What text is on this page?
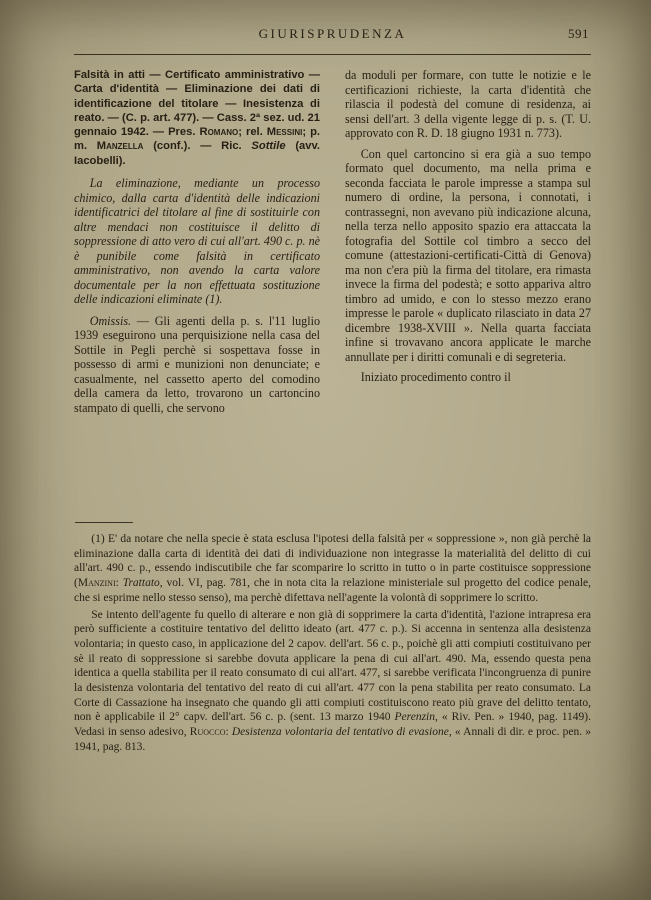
GIURISPRUDENZA	591

Falsità in atti — Certificato amministrativo — Carta d'identità — Eliminazione dei dati di identificazione del titolare — Inesistenza di reato. — (C. p. art. 477). — Cass. 2ª sez. ud. 21 gennaio 1942. — Pres. Romano; rel. Messini; p. m. Manzella (conf.). — Ric. Sottile (avv. Iacobelli).

La eliminazione, mediante un processo chimico, dalla carta d'identità delle indicazioni identificatrici del titolare al fine di sostituirle con altre mendaci non costituisce il delitto di soppressione di atto vero di cui all'art. 490 c. p. nè è punibile come falsità in certificato amministrativo, non avendo la carta valore documentale per la non effettuata sostituzione delle indicazioni eliminate (1).

Omissis. — Gli agenti della p. s. l'11 luglio 1939 eseguirono una perquisizione nella casa del Sottile in Pegli perchè si sospettava fosse in possesso di armi e munizioni non denunciate; e casualmente, nel cassetto aperto del comodino della camera da letto, trovarono un cartoncino stampato di quelli, che servono

da moduli per formare, con tutte le notizie e le certificazioni richieste, la carta d'identità che rilascia il podestà del comune di residenza, ai sensi dell'art. 3 della vigente legge di p. s. (T. U. approvato con R. D. 18 giugno 1931 n. 773).

Con quel cartoncino si era già a suo tempo formato quel documento, ma nella prima e seconda facciata le parole impresse a stampa sul numero di ordine, la persona, i connotati, i contrassegni, non avevano più indicazione alcuna, nella terza nello apposito spazio era attaccata la fotografia del Sottile col timbro a secco del comune (attestazioni-certificati-Città di Genova) ma non c'era più la firma del titolare, era rimasta invece la firma del podestà; e sotto appariva altro timbro ad umido, e con lo stesso mezzo erano impresse le parole « duplicato rilasciato in data 27 dicembre 1938-XVIII ». Nella quarta facciata infine si trovavano ancora applicate le marche annullate per i diritti comunali e di segreteria.

Iniziato procedimento contro il

(1) E' da notare che nella specie è stata esclusa l'ipotesi della falsità per « soppressione », non già perchè la eliminazione dalla carta di identità dei dati di individuazione non integrasse la materialità del delitto di cui all'art. 490 c. p., essendo indiscutibile che far scomparire lo scritto in tutto o in parte costituisce soppressione (Manzini: Trattato, vol. VI, pag. 781, che in nota cita la relazione ministeriale sul progetto del codice penale, che si esprime nello stesso senso), ma perchè difettava nell'agente la volontà di sopprimere lo scritto.

Se intento dell'agente fu quello di alterare e non già di sopprimere la carta d'identità, l'azione intrapresa era però sufficiente a costituire tentativo del delitto ideato (art. 477 c. p.). Si accenna in sentenza alla desistenza volontaria; in questo caso, in applicazione del 2 capov. dell'art. 56 c. p., poichè gli atti compiuti costituivano per sè il reato di soppressione si sarebbe dovuta applicare la pena di cui all'art. 490. Ma, essendo questa pena identica a quella stabilita per il reato consumato di cui all'art. 477, si sarebbe verificata l'incongruenza di punire la desistenza volontaria del tentativo del reato di cui all'art. 477 con la pena stabilita per reato consumato. La Corte di Cassazione ha insegnato che quando gli atti compiuti costituiscono reato più grave del delitto tentato, non è applicabile il 2° capv. dell'art. 56 c. p. (sent. 13 marzo 1940 Perenzin, « Riv. Pen. » 1940, pag. 1149). Vedasi in senso adesivo, Ruocco: Desistenza volontaria del tentativo di evasione, « Annali di dir. e proc. pen. » 1941, pag. 813.
